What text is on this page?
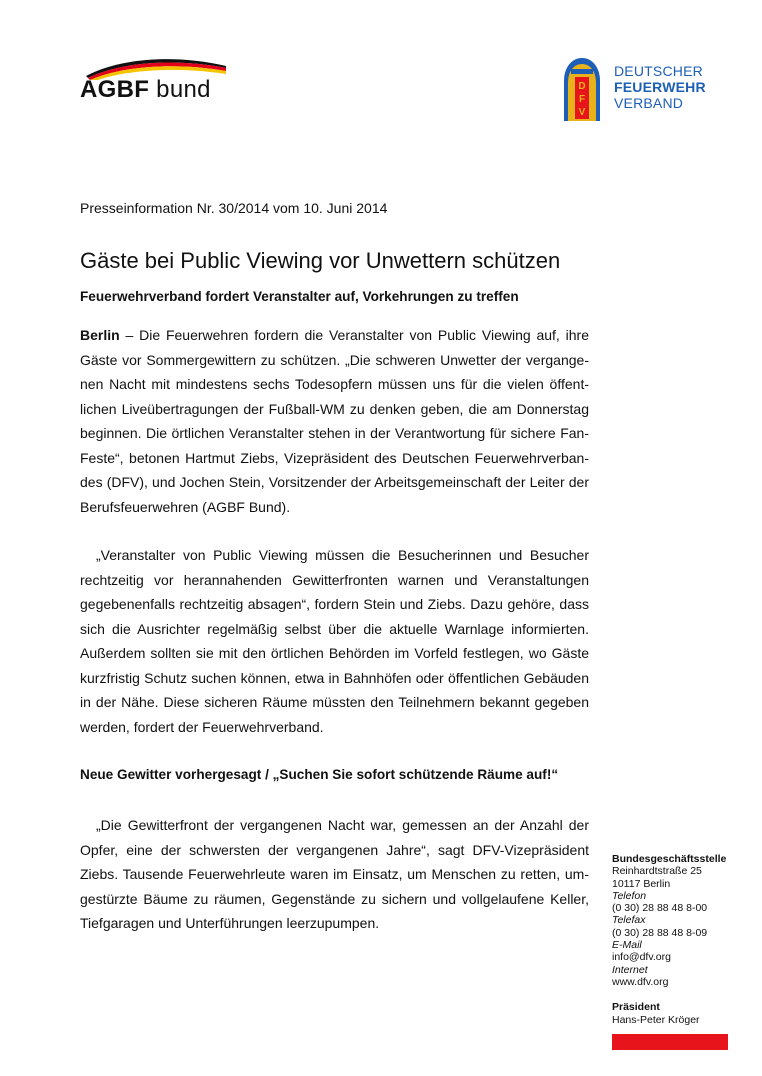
AGBF bund	D
F
V
DEUTSCHER
FEUERWEHR
VERBAND
Presseinformation Nr. 30/2014 vom 10. Juni 2014
Gäste bei Public Viewing vor Unwettern schützen
Feuerwehrverband fordert Veranstalter auf, Vorkehrungen zu treffen

Berlin – Die Feuerwehren fordern die Veranstalter von Public Viewing auf, ihre Gäste vor Sommergewittern zu schützen. „Die schweren Unwetter der vergangenen Nacht mit mindestens sechs Todesopfern müssen uns für die vielen öffentlichen Liveübertragungen der Fußball-WM zu denken geben, die am Donnerstag beginnen. Die örtlichen Veranstalter stehen in der Verantwortung für sichere Fan-Feste“, betonen Hartmut Ziebs, Vizepräsident des Deutschen Feuerwehrverbandes (DFV), und Jochen Stein, Vorsitzender der Arbeitsgemeinschaft der Leiter der Berufsfeuerwehren (AGBF Bund).

„Veranstalter von Public Viewing müssen die Besucherinnen und Besucher rechtzeitig vor herannahenden Gewitterfronten warnen und Veranstaltungen gegebenenfalls rechtzeitig absagen“, fordern Stein und Ziebs. Dazu gehöre, dass sich die Ausrichter regelmäßig selbst über die aktuelle Warnlage informierten. Außerdem sollten sie mit den örtlichen Behörden im Vorfeld festlegen, wo Gäste kurzfristig Schutz suchen können, etwa in Bahnhöfen oder öffentlichen Gebäuden in der Nähe. Diese sicheren Räume müssten den Teilnehmern bekannt gegeben werden, fordert der Feuerwehrverband.

Neue Gewitter vorhergesagt / „Suchen Sie sofort schützende Räume auf!“

„Die Gewitterfront der vergangenen Nacht war, gemessen an der Anzahl der Opfer, eine der schwersten der vergangenen Jahre“, sagt DFV-Vizepräsident Ziebs. Tausende Feuerwehrleute waren im Einsatz, um Menschen zu retten, umgestürzte Bäume zu räumen, Gegenstände zu sichern und vollgelaufene Keller, Tiefgaragen und Unterführungen leerzupumpen.

Bundesgeschäftsstelle
Reinhardtstraße 25
10117 Berlin
Telefon
(0 30) 28 88 48 8-00
Telefax
(0 30) 28 88 48 8-09
E-Mail
info@dfv.org
Internet
www.dfv.org
Präsident
Hans-Peter Kröger
